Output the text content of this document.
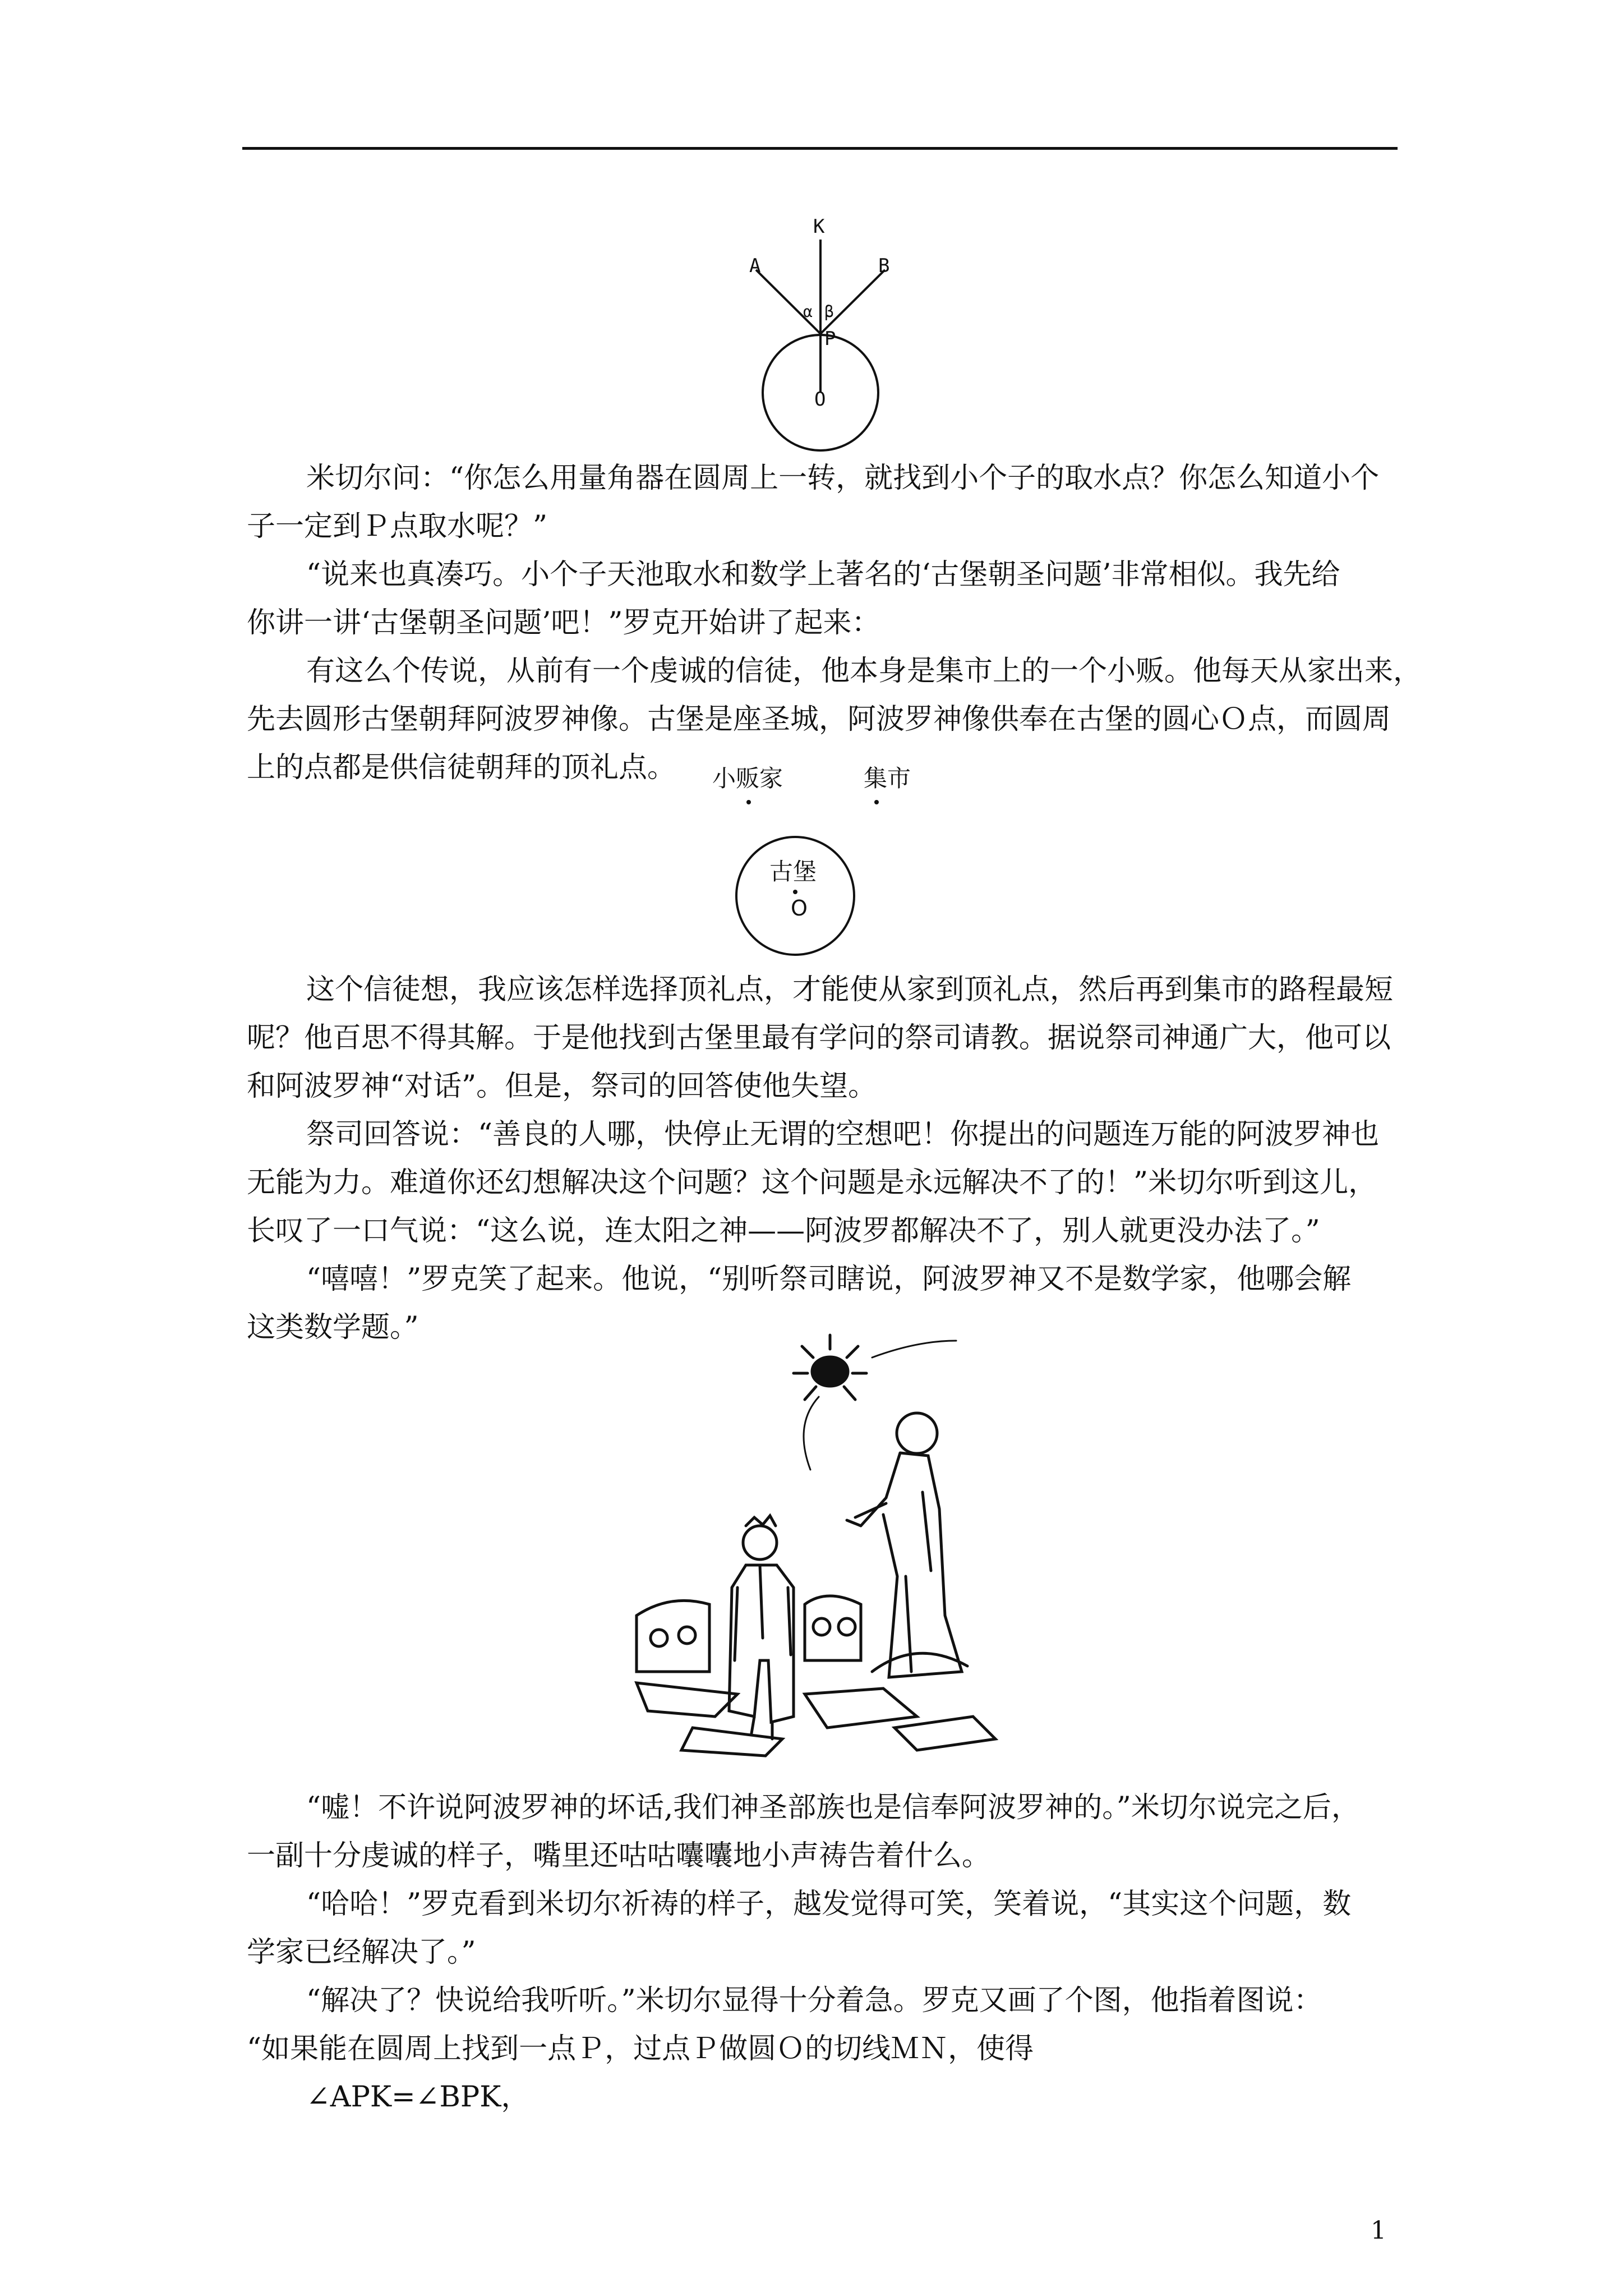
K
A	B
α β
P
O
米切尔问：“你怎么用量角器在圆周上一转，就找到小个子的取水点？你怎么知道小个
子一定到Ｐ点取水呢？”
“说来也真凑巧。小个子天池取水和数学上著名的‘古堡朝圣问题’非常相似。我先给
你讲一讲‘古堡朝圣问题’吧！”罗克开始讲了起来：
有这么个传说，从前有一个虔诚的信徒，他本身是集市上的一个小贩。他每天从家出来，
先去圆形古堡朝拜阿波罗神像。古堡是座圣城，阿波罗神像供奉在古堡的圆心Ｏ点，而圆周
上的点都是供信徒朝拜的顶礼点。	小贩家	集市
古堡
O
这个信徒想，我应该怎样选择顶礼点，才能使从家到顶礼点，然后再到集市的路程最短
呢？他百思不得其解。于是他找到古堡里最有学问的祭司请教。据说祭司神通广大，他可以
和阿波罗神“对话”。但是，祭司的回答使他失望。
祭司回答说：“善良的人哪，快停止无谓的空想吧！你提出的问题连万能的阿波罗神也
无能为力。难道你还幻想解决这个问题？这个问题是永远解决不了的！”米切尔听到这儿，
长叹了一口气说：“这么说，连太阳之神——阿波罗都解决不了，别人就更没办法了。”
“嘻嘻！”罗克笑了起来。他说，“别听祭司瞎说，阿波罗神又不是数学家，他哪会解
这类数学题。”
“嘘！不许说阿波罗神的坏话,我们神圣部族也是信奉阿波罗神的。”米切尔说完之后，
一副十分虔诚的样子，嘴里还咕咕囔囔地小声祷告着什么。
“哈哈！”罗克看到米切尔祈祷的样子，越发觉得可笑，笑着说，“其实这个问题，数
学家已经解决了。”
“解决了？快说给我听听。”米切尔显得十分着急。罗克又画了个图，他指着图说：
“如果能在圆周上找到一点Ｐ，过点Ｐ做圆Ｏ的切线ＭＮ，使得
∠APK=∠BPK，
1
